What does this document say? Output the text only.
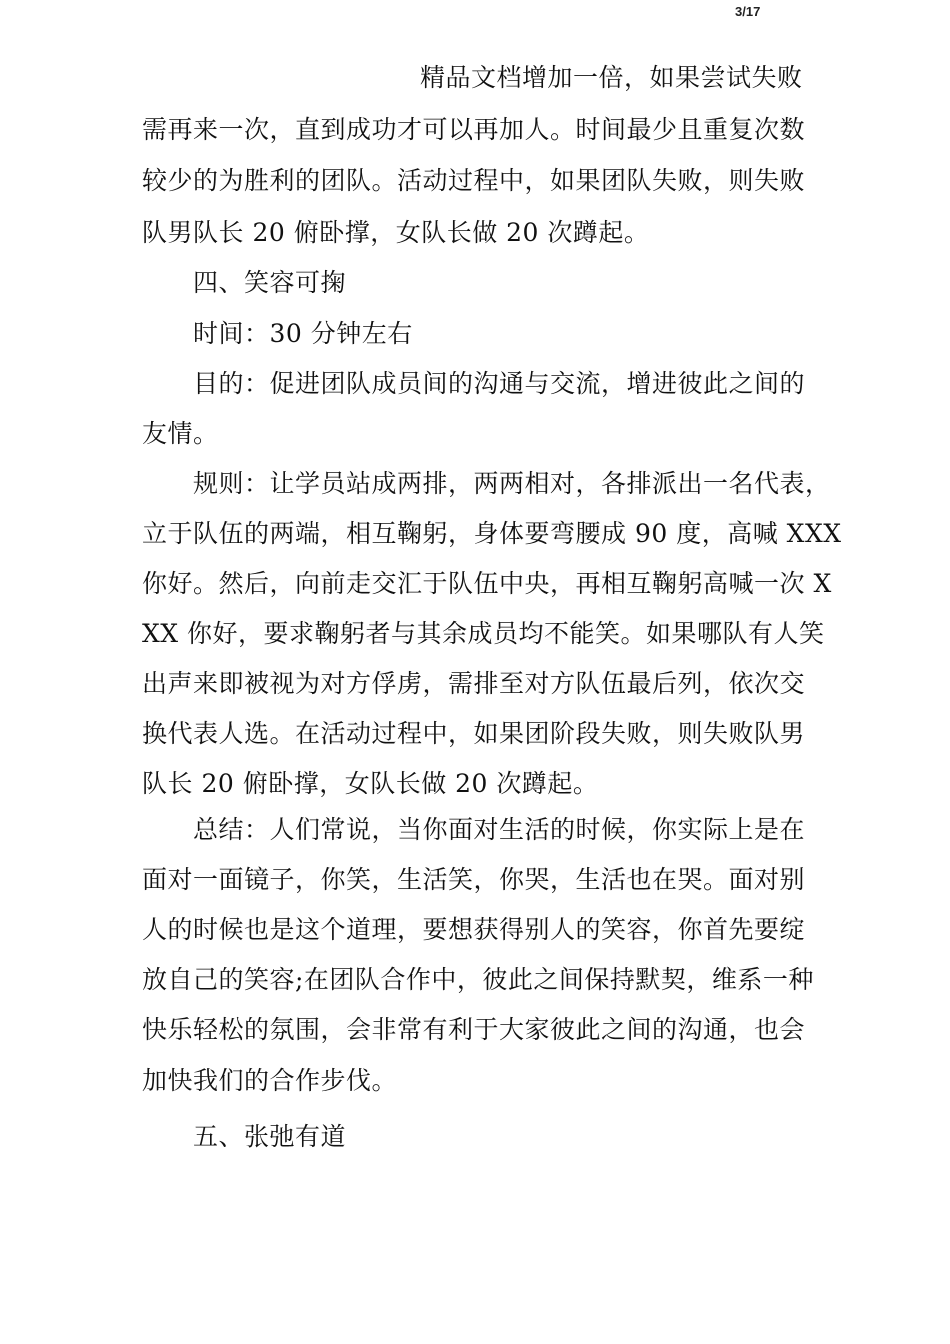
3/17
精品文档增加一倍，如果尝试失败
需再来一次，直到成功才可以再加人。时间最少且重复次数
较少的为胜利的团队。活动过程中，如果团队失败，则失败
队男队长 20 俯卧撑，女队长做 20 次蹲起。
四、笑容可掬
时间：30 分钟左右
目的：促进团队成员间的沟通与交流，增进彼此之间的
友情。
规则：让学员站成两排，两两相对，各排派出一名代表，
立于队伍的两端，相互鞠躬，身体要弯腰成 90 度，高喊 XXX
你好。然后，向前走交汇于队伍中央，再相互鞠躬高喊一次 X
XX 你好，要求鞠躬者与其余成员均不能笑。如果哪队有人笑
出声来即被视为对方俘虏，需排至对方队伍最后列，依次交
换代表人选。在活动过程中，如果团阶段失败，则失败队男
队长 20 俯卧撑，女队长做 20 次蹲起。
总结：人们常说，当你面对生活的时候，你实际上是在
面对一面镜子，你笑，生活笑，你哭，生活也在哭。面对别
人的时候也是这个道理，要想获得别人的笑容，你首先要绽
放自己的笑容;在团队合作中，彼此之间保持默契，维系一种
快乐轻松的氛围，会非常有利于大家彼此之间的沟通，也会
加快我们的合作步伐。
五、张弛有道
